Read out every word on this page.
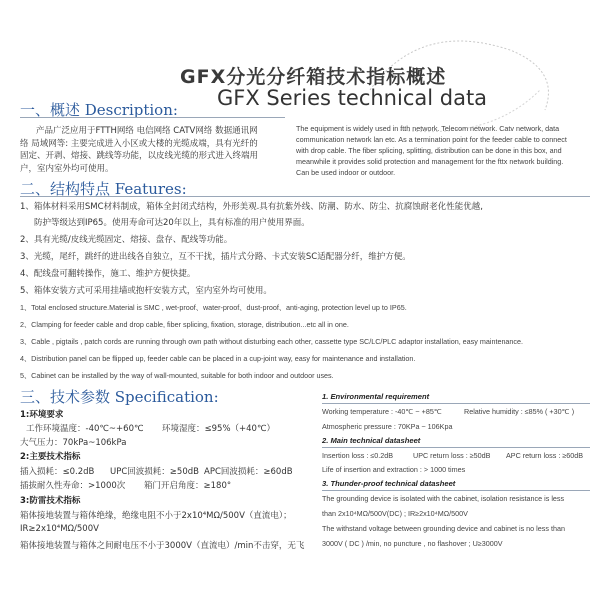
GFX分光分纤箱技术指标概述
GFX Series technical data
一、概述 Description:
产品广泛应用于FTTH网络 电信网络 CATV网络 数据通讯网
络 局域网等: 主要完成进入小区或大楼的光缆成端，具有光纤的
固定、开剥、熔接、跳线等功能，以皮线光缆的形式进入终端用
户，室内室外均可使用。
The equipment is widely used in ftth network. Telecom network. Catv network, data
communication network lan etc. As a termination point for the feeder cable to connect
with drop cable. The fiber splicing, splitting, distribution can be done in this box, and
meanwhile it provides solid protection and management for the fttx network building.
Can be used indoor or outdoor.
二、结构特点 Features:
1、箱体材料采用SMC材料制成，箱体全封闭式结构，外形美观.具有抗紫外线、防潮、防水、防尘、抗腐蚀耐老化性能优越,
防护等级达到IP65。使用寿命可达20年以上，具有标准的用户使用界面。
2、具有光缆/皮线光缆固定、熔接、盘存、配线等功能。
3、光缆，尾纤，跳纤的进出线各自独立，互不干扰，插片式分路、卡式安装SC适配器分纤，维护方便。
4、配线盘可翻转操作，施工、维护方便快捷。
5、箱体安装方式可采用挂墙或抱杆安装方式，室内室外均可使用。
1、Total enclosed structure.Material is SMC , wet-proof、water-proof、dust-proof、anti-aging, protection level up to IP65.
2、Clamping for feeder cable and drop cable, fiber splicing, fixation, storage, distribution...etc all in one.
3、Cable , pigtails , patch cords are running through own path without disturbing each other, cassette type SC/LC/PLC adaptor installation, easy maintenance.
4、Distribution panel can be flipped up, feeder cable can be placed in a cup-joint way, easy for maintenance and installation.
5、Cabinet can be installed by the way of wall-mounted, suitable for both indoor and outdoor uses.
三、技术参数 Specification:
1:环境要求
工作环境温度：-40℃~+60℃ 环境湿度：≤95%（+40℃）
大气压力：70kPa~106kPa
2:主要技术指标
插入损耗：≤0.2dB UPC回波损耗：≥50dB APC回波损耗：≥60dB
插拔耐久性寿命：>1000次 箱门开启角度：≥180°
3:防雷技术指标
箱体接地装置与箱体绝缘，绝缘电阻不小于2x10⁴MΩ/500V（直流电）；
IR≥2x10⁴MΩ/500V
箱体接地装置与箱体之间耐电压不小于3000V（直流电）/min不击穿，无飞
1. Environmental requirement
Working temperature : -40℃ ~ +85℃	Relative humidity : ≤85% ( +30℃ )
Atmospheric pressure : 70KPa ~ 106Kpa
2. Main technical datasheet
Insertion loss : ≤0.2dB	UPC return loss : ≥50dB APC return loss : ≥60dB
Life of insertion and extraction : > 1000 times
3. Thunder-proof technical datasheet
The grounding device is isolated with the cabinet, isolation resistance is less
than 2x10⁴MΩ/500V(DC) ; IR≥2x10⁴MΩ/500V
The withstand voltage between grounding device and cabinet is no less than
3000V ( DC ) /min, no puncture , no flashover ; U≥3000V
